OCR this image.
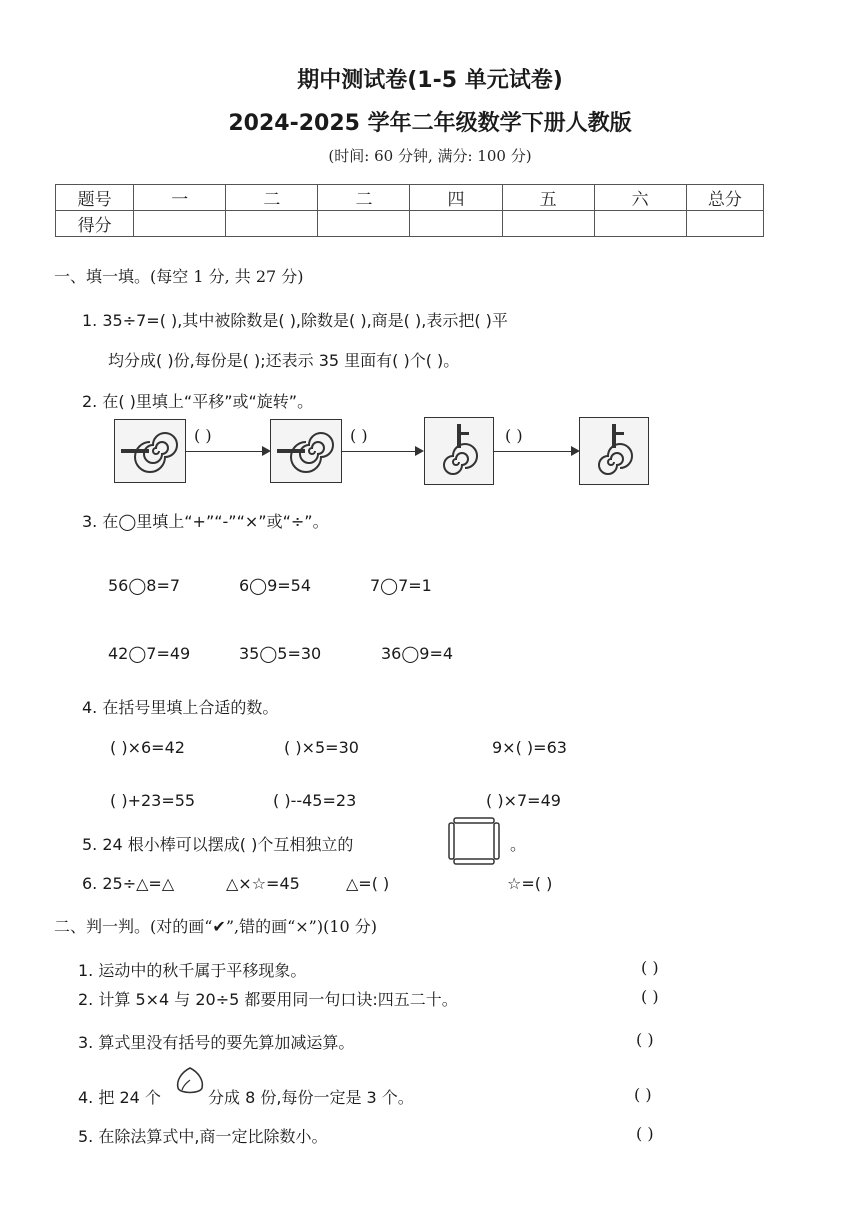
期中测试卷(1-5 单元试卷)
2024-2025 学年二年级数学下册人教版
(时间: 60 分钟, 满分: 100 分)
题号	一	二	二	四	五	六	总分
得分							
一、填一填。(每空 1 分, 共 27 分)
1. 35÷7=( ),其中被除数是( ),除数是( ),商是( ),表示把( )平
均分成( )份,每份是( );还表示 35 里面有( )个( )。
2. 在( )里填上“平移”或“旋转”。
( )	( )	( )
3. 在◯里填上“+”“-”“×”或“÷”。
56◯8=7	6◯9=54	7◯7=1
42◯7=49	35◯5=30	36◯9=4
4. 在括号里填上合适的数。
( )×6=42	( )×5=30	9×( )=63
( )+23=55	( )--45=23	( )×7=49
5. 24 根小棒可以摆成( )个互相独立的	。
6. 25÷△=△	△×☆=45	△=( )	☆=( )
二、判一判。(对的画“✔”,错的画“×”)(10 分)
1. 运动中的秋千属于平移现象。	( )
2. 计算 5×4 与 20÷5 都要用同一句口诀:四五二十。	( )
3. 算式里没有括号的要先算加减运算。	( )
4. 把 24 个	分成 8 份,每份一定是 3 个。	( )
5. 在除法算式中,商一定比除数小。	( )
